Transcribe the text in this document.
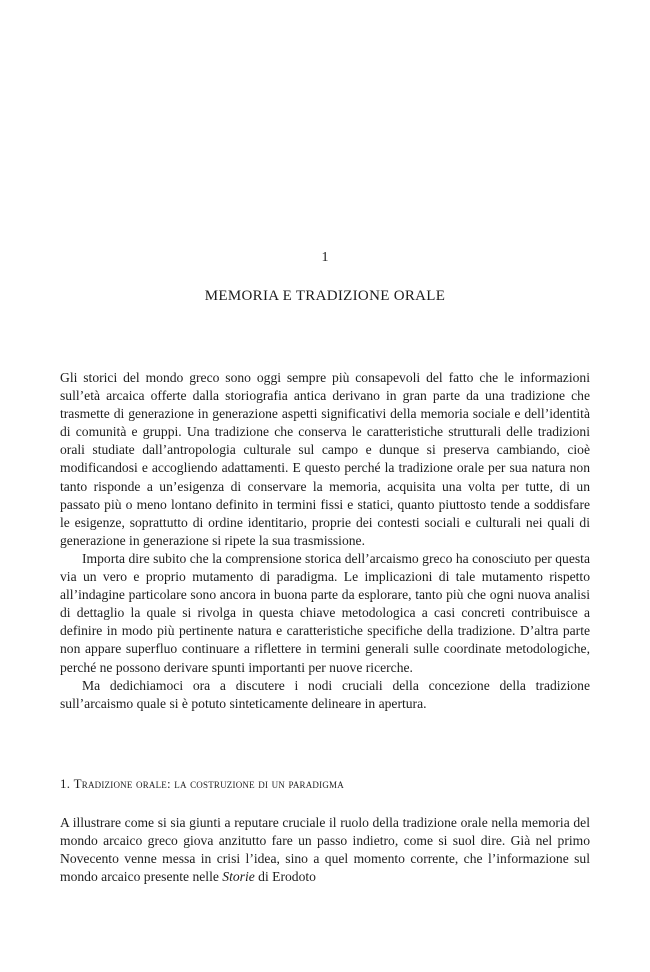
1
MEMORIA E TRADIZIONE ORALE

Gli storici del mondo greco sono oggi sempre più consapevoli del fatto che le informazioni sull’età arcaica offerte dalla storiografia antica derivano in gran parte da una tradizione che trasmette di generazione in generazione aspetti significativi della memoria sociale e dell’identità di comunità e gruppi. Una tradizione che conserva le caratteristiche strutturali delle tradizioni orali studiate dall’antropologia culturale sul campo e dunque si preserva cambiando, cioè modificandosi e accogliendo adattamenti. E questo perché la tradizione orale per sua natura non tanto risponde a un’esigenza di conservare la memoria, acquisita una volta per tutte, di un passato più o meno lontano definito in termini fissi e statici, quanto piuttosto tende a soddisfare le esigenze, soprattutto di ordine identitario, proprie dei contesti sociali e culturali nei quali di generazione in generazione si ripete la sua trasmissione.

Importa dire subito che la comprensione storica dell’arcaismo greco ha conosciuto per questa via un vero e proprio mutamento di paradigma. Le implicazioni di tale mutamento rispetto all’indagine particolare sono ancora in buona parte da esplorare, tanto più che ogni nuova analisi di dettaglio la quale si rivolga in questa chiave metodologica a casi concreti contribuisce a definire in modo più pertinente natura e caratteristiche specifiche della tradizione. D’altra parte non appare superfluo continuare a riflettere in termini generali sulle coordinate metodologiche, perché ne possono derivare spunti importanti per nuove ricerche.

Ma dedichiamoci ora a discutere i nodi cruciali della concezione della tradizione sull’arcaismo quale si è potuto sinteticamente delineare in apertura.

1. Tradizione orale: la costruzione di un paradigma

A illustrare come si sia giunti a reputare cruciale il ruolo della tradizione orale nella memoria del mondo arcaico greco giova anzitutto fare un passo indietro, come si suol dire. Già nel primo Novecento venne messa in crisi l’idea, sino a quel momento corrente, che l’informazione sul mondo arcaico presente nelle Storie di Erodoto
